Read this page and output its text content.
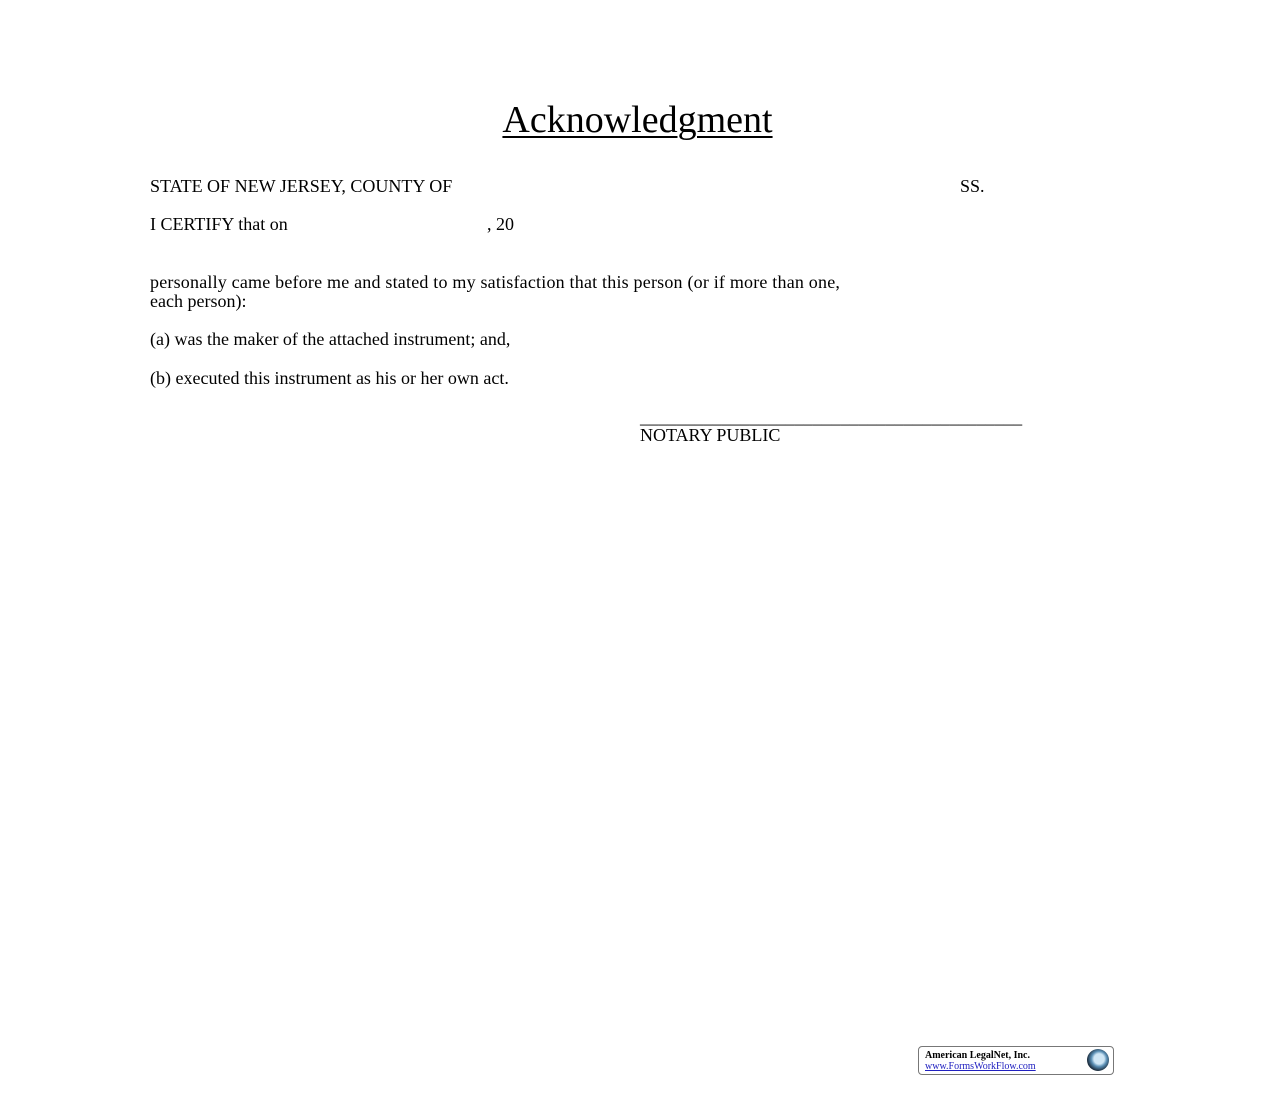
Acknowledgment
STATE OF NEW JERSEY, COUNTY OF	SS.
I CERTIFY that on	, 20
personally came before me and stated to my satisfaction that this person (or if more than one,
each person):
(a) was the maker of the attached instrument; and,
(b) executed this instrument as his or her own act.
__________________________________________
NOTARY PUBLIC
American LegalNet, Inc.
www.FormsWorkFlow.com
